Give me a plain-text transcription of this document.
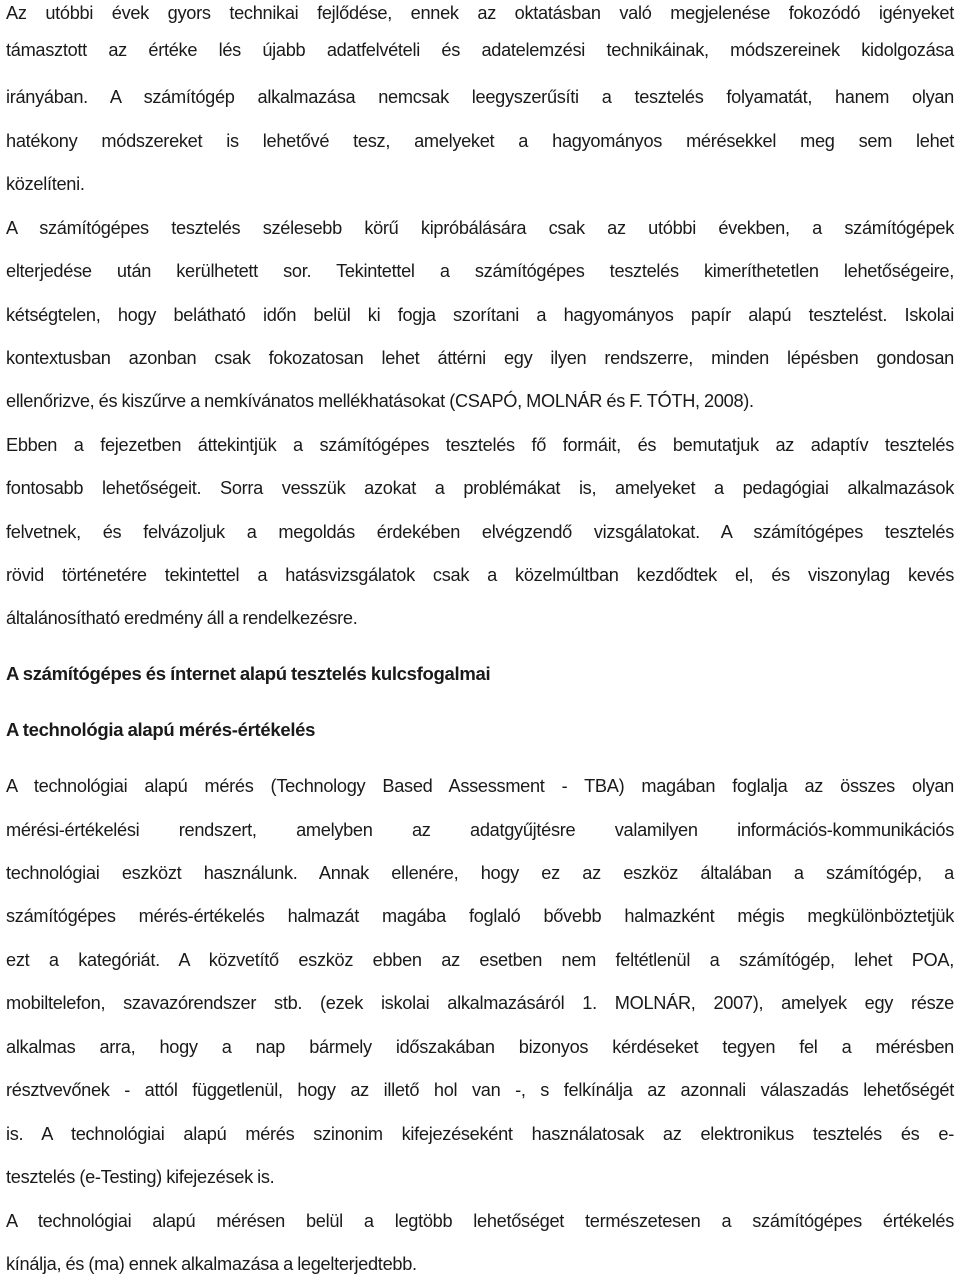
Az utóbbi évek gyors technikai fejlődése, ennek az oktatásban való megjelenése fokozódó igényeket
támasztott az értéke lés újabb adatfelvételi és adatelemzési technikáinak, módszereinek kidolgozása
irányában. A számítógép alkalmazása nemcsak leegyszerűsíti a tesztelés folyamatát, hanem olyan
hatékony módszereket is lehetővé tesz, amelyeket a hagyományos mérésekkel meg sem lehet
közelíteni.
A számítógépes tesztelés szélesebb körű kipróbálására csak az utóbbi években, a számítógépek
elterjedése után kerülhetett sor. Tekintettel a számítógépes tesztelés kimeríthetetlen lehetőségeire,
kétségtelen, hogy belátható időn belül ki fogja szorítani a hagyományos papír alapú tesztelést. Iskolai
kontextusban azonban csak fokozatosan lehet áttérni egy ilyen rendszerre, minden lépésben gondosan
ellenőrizve, és kiszűrve a nemkívánatos mellékhatásokat (CSAPÓ, MOLNÁR és F. TÓTH, 2008).
Ebben a fejezetben áttekintjük a számítógépes tesztelés fő formáit, és bemutatjuk az adaptív tesztelés
fontosabb lehetőségeit. Sorra vesszük azokat a problémákat is, amelyeket a pedagógiai alkalmazások
felvetnek, és felvázoljuk a megoldás érdekében elvégzendő vizsgálatokat. A számítógépes tesztelés
rövid történetére tekintettel a hatásvizsgálatok csak a közelmúltban kezdődtek el, és viszonylag kevés
általánosítható eredmény áll a rendelkezésre.
A számítógépes és ínternet alapú tesztelés kulcsfogalmai
A technológia alapú mérés-értékelés
A technológiai alapú mérés (Technology Based Assessment - TBA) magában foglalja az összes olyan
mérési-értékelési rendszert, amelyben az adatgyűjtésre valamilyen információs-kommunikációs
technológiai eszközt használunk. Annak ellenére, hogy ez az eszköz általában a számítógép, a
számítógépes mérés-értékelés halmazát magába foglaló bővebb halmazként mégis megkülönböztetjük
ezt a kategóriát. A közvetítő eszköz ebben az esetben nem feltétlenül a számítógép, lehet POA,
mobiltelefon, szavazórendszer stb. (ezek iskolai alkalmazásáról 1. MOLNÁR, 2007), amelyek egy része
alkalmas arra, hogy a nap bármely időszakában bizonyos kérdéseket tegyen fel a mérésben
résztvevőnek - attól függetlenül, hogy az illető hol van -, s felkínálja az azonnali válaszadás lehetőségét
is. A technológiai alapú mérés szinonim kifejezéseként használatosak az elektronikus tesztelés és e-
tesztelés (e-Testing) kifejezések is.
A technológiai alapú mérésen belül a legtöbb lehetőséget természetesen a számítógépes értékelés
kínálja, és (ma) ennek alkalmazása a legelterjedtebb.
